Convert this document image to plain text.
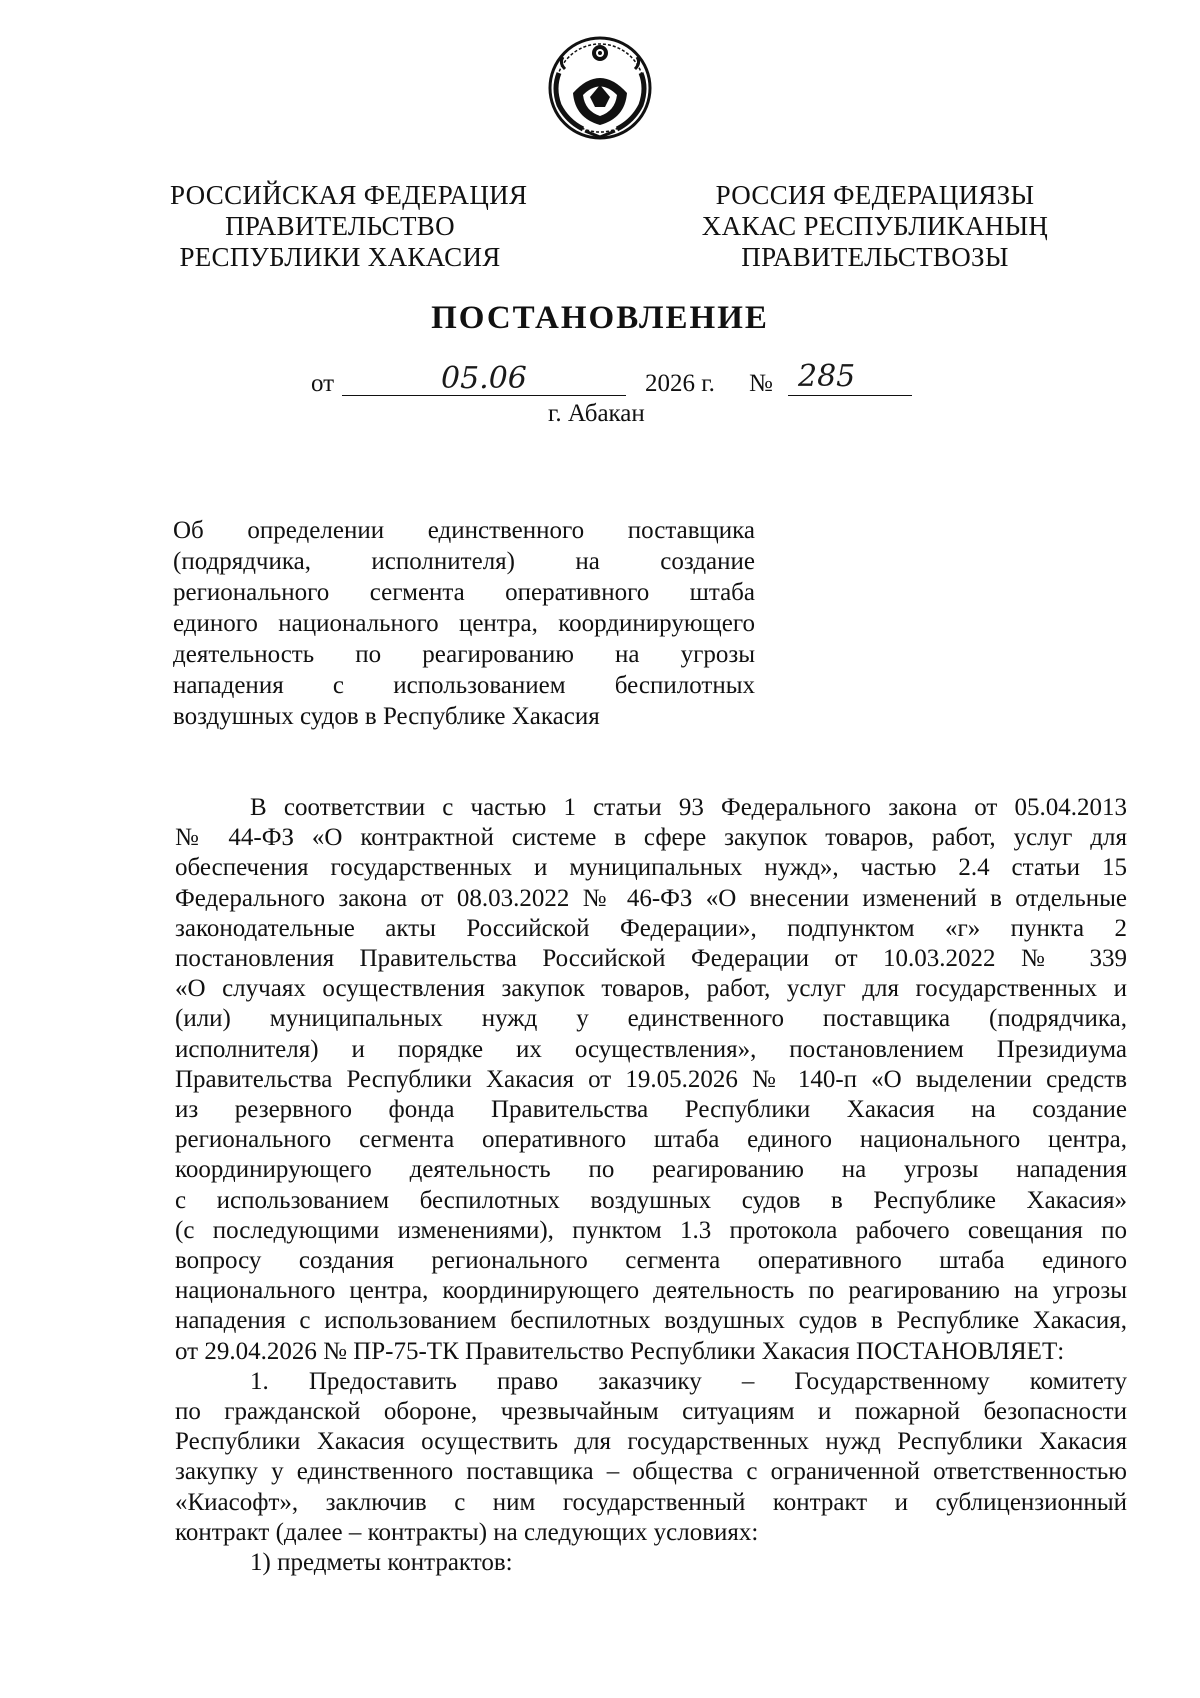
РОССИЙСКАЯ ФЕДЕРАЦИЯ
ПРАВИТЕЛЬСТВО
РЕСПУБЛИКИ ХАКАСИЯ
РОССИЯ ФЕДЕРАЦИЯЗЫ
ХАКАС РЕСПУБЛИКАНЫҢ
ПРАВИТЕЛЬСТВОЗЫ
ПОСТАНОВЛЕНИЕ
от	05.06	2026 г. № 285
г. Абакан
Об определении единственного поставщика
(подрядчика, исполнителя) на создание
регионального сегмента оперативного штаба
единого национального центра, координирующего
деятельность по реагированию на угрозы
нападения с использованием беспилотных
воздушных судов в Республике Хакасия
В соответствии с частью 1 статьи 93 Федерального закона от 05.04.2013
№ 44-ФЗ «О контрактной системе в сфере закупок товаров, работ, услуг для
обеспечения государственных и муниципальных нужд», частью 2.4 статьи 15
Федерального закона от 08.03.2022 № 46-ФЗ «О внесении изменений в отдельные
законодательные акты Российской Федерации», подпунктом «г» пункта 2
постановления Правительства Российской Федерации от 10.03.2022 № 339
«О случаях осуществления закупок товаров, работ, услуг для государственных и
(или) муниципальных нужд у единственного поставщика (подрядчика,
исполнителя) и порядке их осуществления», постановлением Президиума
Правительства Республики Хакасия от 19.05.2026 № 140-п «О выделении средств
из резервного фонда Правительства Республики Хакасия на создание
регионального сегмента оперативного штаба единого национального центра,
координирующего деятельность по реагированию на угрозы нападения
с использованием беспилотных воздушных судов в Республике Хакасия»
(с последующими изменениями), пунктом 1.3 протокола рабочего совещания по
вопросу создания регионального сегмента оперативного штаба единого
национального центра, координирующего деятельность по реагированию на угрозы
нападения с использованием беспилотных воздушных судов в Республике Хакасия,
от 29.04.2026 № ПР-75-ТК Правительство Республики Хакасия ПОСТАНОВЛЯЕТ:
1. Предоставить право заказчику – Государственному комитету
по гражданской обороне, чрезвычайным ситуациям и пожарной безопасности
Республики Хакасия осуществить для государственных нужд Республики Хакасия
закупку у единственного поставщика – общества с ограниченной ответственностью
«Киасофт», заключив с ним государственный контракт и сублицензионный
контракт (далее – контракты) на следующих условиях:
1) предметы контрактов:
